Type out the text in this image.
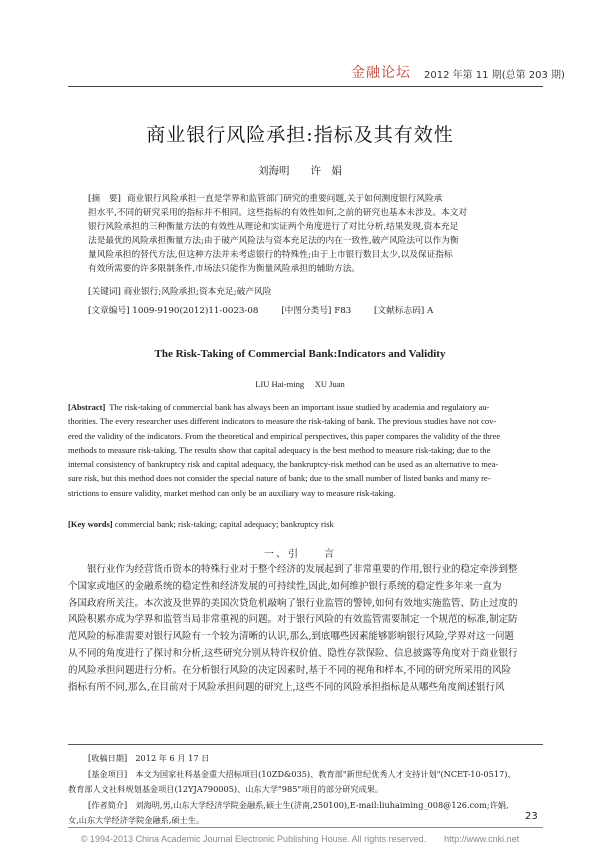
金融论坛 2012 年第 11 期(总第 203 期)
商业银行风险承担:指标及其有效性
刘海明　　许　娟
[摘　要] 商业银行风险承担一直是学界和监管部门研究的重要问题,关于如何测度银行风险承
担水平,不同的研究采用的指标并不相同。这些指标的有效性如何,之前的研究也基本未涉及。本文对
银行风险承担的三种衡量方法的有效性从理论和实证两个角度进行了对比分析,结果发现,资本充足
法是最优的风险承担衡量方法;由于破产风险法与资本充足法的内在一致性,破产风险法可以作为衡
量风险承担的替代方法,但这种方法并未考虑银行的特殊性;由于上市银行数目太少,以及保证指标
有效所需要的许多限制条件,市场法只能作为衡量风险承担的辅助方法。
[关键词] 商业银行;风险承担;资本充足;破产风险
[文章编号] 1009-9190(2012)11-0023-08	[中图分类号] F83	[文献标志码] A
The Risk-Taking of Commercial Bank:Indicators and Validity
LIU Hai-ming　 XU Juan
[Abstract] The risk-taking of commercial bank has always been an important issue studied by academia and regulatory au-
thorities. The every researcher uses different indicators to measure the risk-taking of bank. The previous studies have not cov-
ered the validity of the indicators. From the theoretical and empirical perspectives, this paper compares the validity of the three
methods to measure risk-taking. The results show that capital adequacy is the best method to measure risk-taking; due to the
internal consistency of bankruptcy risk and capital adequacy, the bankruptcy-risk method can be used as an alternative to mea-
sure risk, but this method does not consider the special nature of bank; due to the small number of listed banks and many re-
strictions to ensure validity, market method can only be an auxiliary way to measure risk-taking.
[Key words] commercial bank; risk-taking; capital adequacy; bankruptcy risk
一、引　　言
银行业作为经营货币资本的特殊行业对于整个经济的发展起到了非常重要的作用,银行业的稳定牵涉到整
个国家或地区的金融系统的稳定性和经济发展的可持续性,因此,如何维护银行系统的稳定性多年来一直为
各国政府所关注。本次波及世界的美国次贷危机敲响了银行业监管的警钟,如何有效地实施监管、防止过度的
风险积累亦成为学界和监管当局非常重视的问题。对于银行风险的有效监管需要制定一个规范的标准,制定防
范风险的标准需要对银行风险有一个较为清晰的认识,那么,到底哪些因素能够影响银行风险,学界对这一问题
从不同的角度进行了探讨和分析,这些研究分别从特许权价值、隐性存款保险、信息披露等角度对于商业银行
的风险承担问题进行分析。在分析银行风险的决定因素时,基于不同的视角和样本,不同的研究所采用的风险
指标有所不同,那么,在目前对于风险承担问题的研究上,这些不同的风险承担指标是从哪些角度阐述银行风
[收稿日期]　2012 年 6 月 17 日
[基金项目]　本文为国家社科基金重大招标项目(10ZD&035)、教育部"新世纪优秀人才支持计划"(NCET-10-0517)、
教育部人文社科规划基金项目(12YJA790005)、山东大学"985"项目的部分研究成果。
[作者简介]　刘海明,男,山东大学经济学院金融系,硕士生(济南,250100),E-mail:liuhaiming_008@126.com;许娟,
女,山东大学经济学院金融系,硕士生。	23
© 1994-2013 China Academic Journal Electronic Publishing House. All rights reserved.　　http://www.cnki.net
